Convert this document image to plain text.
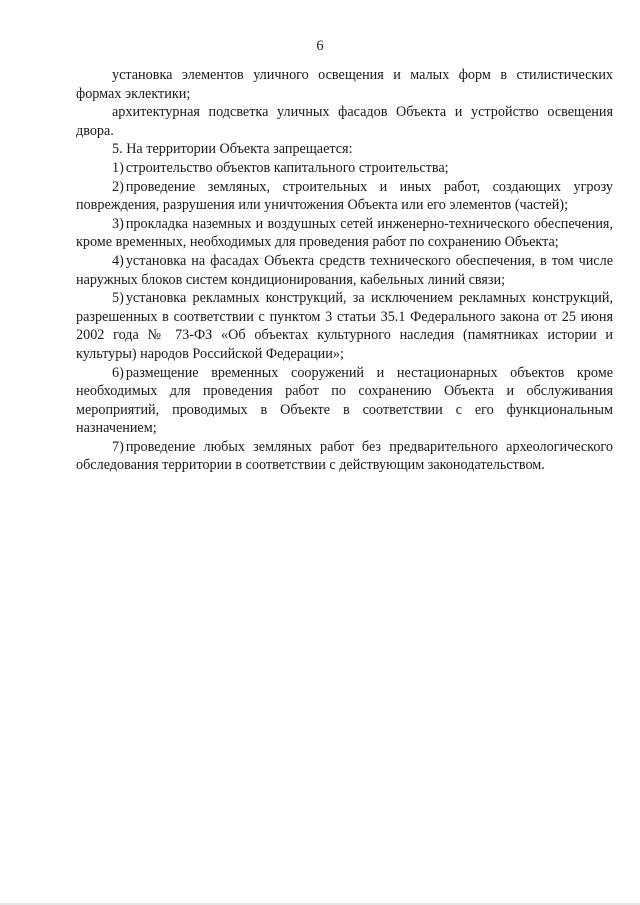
6

установка элементов уличного освещения и малых форм в стилистических формах эклектики;

архитектурная подсветка уличных фасадов Объекта и устройство освещения двора.

5. На территории Объекта запрещается:

1) строительство объектов капитального строительства;

2) проведение земляных, строительных и иных работ, создающих угрозу повреждения, разрушения или уничтожения Объекта или его элементов (частей);

3) прокладка наземных и воздушных сетей инженерно-технического обеспечения, кроме временных, необходимых для проведения работ по сохранению Объекта;

4) установка на фасадах Объекта средств технического обеспечения, в том числе наружных блоков систем кондиционирования, кабельных линий связи;

5) установка рекламных конструкций, за исключением рекламных конструкций, разрешенных в соответствии с пунктом 3 статьи 35.1 Федерального закона от 25 июня 2002 года № 73-ФЗ «Об объектах культурного наследия (памятниках истории и культуры) народов Российской Федерации»;

6) размещение временных сооружений и нестационарных объектов кроме необходимых для проведения работ по сохранению Объекта и обслуживания мероприятий, проводимых в Объекте в соответствии с его функциональным назначением;

7) проведение любых земляных работ без предварительного археологического обследования территории в соответствии с действующим законодательством.
